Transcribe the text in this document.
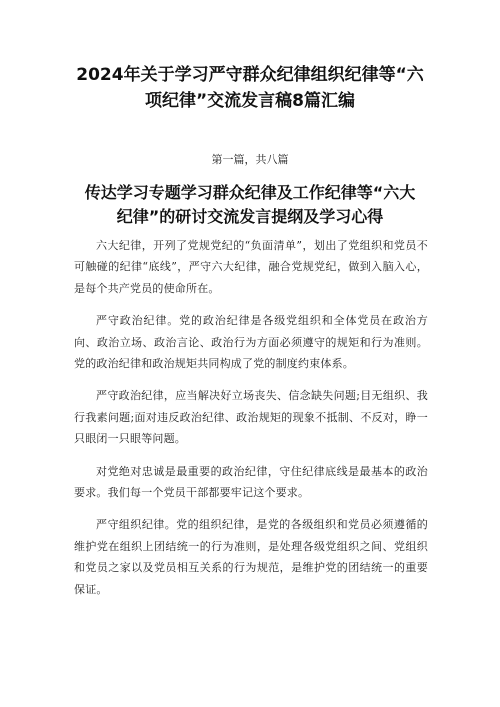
2024年关于学习严守群众纪律组织纪律等“六项纪律”交流发言稿8篇汇编
第一篇，共八篇
传达学习专题学习群众纪律及工作纪律等“六大纪律”的研讨交流发言提纲及学习心得

六大纪律，开列了党规党纪的“负面清单”，划出了党组织和党员不可触碰的纪律“底线”，严守六大纪律，融合党规党纪，做到入脑入心，是每个共产党员的使命所在。

严守政治纪律。党的政治纪律是各级党组织和全体党员在政治方向、政治立场、政治言论、政治行为方面必须遵守的规矩和行为准则。党的政治纪律和政治规矩共同构成了党的制度约束体系。

严守政治纪律，应当解决好立场丧失、信念缺失问题;目无组织、我行我素问题;面对违反政治纪律、政治规矩的现象不抵制、不反对，睁一只眼闭一只眼等问题。

对党绝对忠诚是最重要的政治纪律，守住纪律底线是最基本的政治要求。我们每一个党员干部都要牢记这个要求。

严守组织纪律。党的组织纪律，是党的各级组织和党员必须遵循的维护党在组织上团结统一的行为准则，是处理各级党组织之间、党组织和党员之家以及党员相互关系的行为规范，是维护党的团结统一的重要保证。
